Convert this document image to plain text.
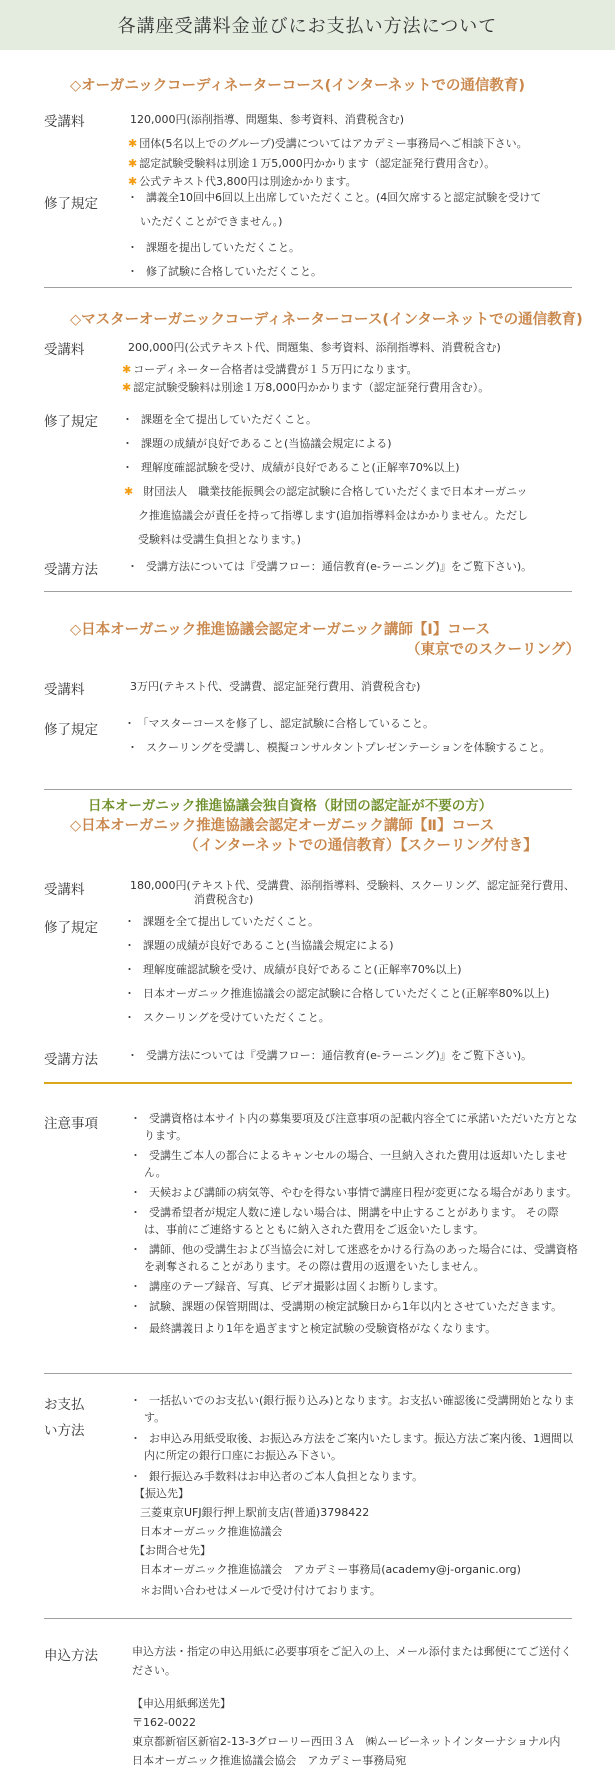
各講座受講料金並びにお支払い方法について
◇オーガニックコーディネーターコース(インターネットでの通信教育)
受講料	120,000円(添削指導、問題集、参考資料、消費税含む)
✱ 団体(5名以上でのグループ)受講についてはアカデミー事務局へご相談下さい。
✱ 認定試験受験料は別途１万5,000円かかります（認定証発行費用含む）。
✱ 公式テキスト代3,800円は別途かかります。
修了規定	・ 講義全10回中6回以上出席していただくこと。(4回欠席すると認定試験を受けて
いただくことができません。)
・ 課題を提出していただくこと。
・ 修了試験に合格していただくこと。
◇マスターオーガニックコーディネーターコース(インターネットでの通信教育)
受講料	200,000円(公式テキスト代、問題集、参考資料、添削指導料、消費税含む)
✱ コーディネーター合格者は受講費が１５万円になります。
✱ 認定試験受験料は別途１万8,000円かかります（認定証発行費用含む）。
修了規定 ・ 課題を全て提出していただくこと。
・ 課題の成績が良好であること(当協議会規定による)
・ 理解度確認試験を受け、成績が良好であること(正解率70%以上)
✱ 財団法人　職業技能振興会の認定試験に合格していただくまで日本オーガニッ
ク推進協議会が責任を持って指導します(追加指導料金はかかりません。ただし
受験料は受講生負担となります。)
受講方法	・ 受講方法については『受講フロー：通信教育(e-ラーニング)』をご覧下さい)。
◇日本オーガニック推進協議会認定オーガニック講師【Ⅰ】コース
（東京でのスクーリング）
受講料	3万円(テキスト代、受講費、認定証発行費用、消費税含む)
修了規定 ・ 「マスターコースを修了し、認定試験に合格していること。
・ スクーリングを受講し、模擬コンサルタントプレゼンテーションを体験すること。
日本オーガニック推進協議会独自資格（財団の認定証が不要の方）
◇日本オーガニック推進協議会認定オーガニック講師【Ⅱ】コース
（インターネットでの通信教育）【スクーリング付き】
受講料	180,000円(テキスト代、受講費、添削指導料、受験料、スクーリング、認定証発行費用、
消費税含む)
修了規定 ・ 課題を全て提出していただくこと。
・ 課題の成績が良好であること(当協議会規定による)
・ 理解度確認試験を受け、成績が良好であること(正解率70%以上)
・ 日本オーガニック推進協議会の認定試験に合格していただくこと(正解率80%以上)
・ スクーリングを受けていただくこと。
受講方法	・ 受講方法については『受講フロー：通信教育(e-ラーニング)』をご覧下さい)。
注意事項	・ 受講資格は本サイト内の募集要項及び注意事項の記載内容全てに承諾いただいた方となります。
・ 受講生ご本人の都合によるキャンセルの場合、一旦納入された費用は返却いたしません。
・ 天候および講師の病気等、やむを得ない事情で講座日程が変更になる場合があります。
・ 受講希望者が規定人数に達しない場合は、開講を中止することがあります。 その際は、事前にご連絡するとともに納入された費用をご返金いたします。
・ 講師、他の受講生および当協会に対して迷惑をかける行為のあった場合には、受講資格を剥奪されることがあります。その際は費用の返還をいたしません。
・ 講座のテープ録音、写真、ビデオ撮影は固くお断りします。
・ 試験、課題の保管期間は、受講期の検定試験日から1年以内とさせていただきます。
・ 最終講義日より1年を過ぎますと検定試験の受験資格がなくなります。
お支払
い方法
・ 一括払いでのお支払い(銀行振り込み)となります。お支払い確認後に受講開始となります。
・ お申込み用紙受取後、お振込み方法をご案内いたします。振込方法ご案内後、1週間以内に所定の銀行口座にお振込み下さい。
・ 銀行振込み手数料はお申込者のご本人負担となります。
【振込先】
三菱東京UFJ銀行押上駅前支店(普通)3798422
日本オーガニック推進協議会
【お問合せ先】
日本オーガニック推進協議会　アカデミー事務局(academy@j-organic.org)
＊お問い合わせはメールで受け付けております。
申込方法	申込方法・指定の申込用紙に必要事項をご記入の上、メール添付または郵便にてご送付ください。
【申込用紙郵送先】
〒162-0022
東京都新宿区新宿2-13-3グローリー西田３Ａ　㈱ムービーネットインターナショナル内
日本オーガニック推進協議会協会　アカデミー事務局宛
